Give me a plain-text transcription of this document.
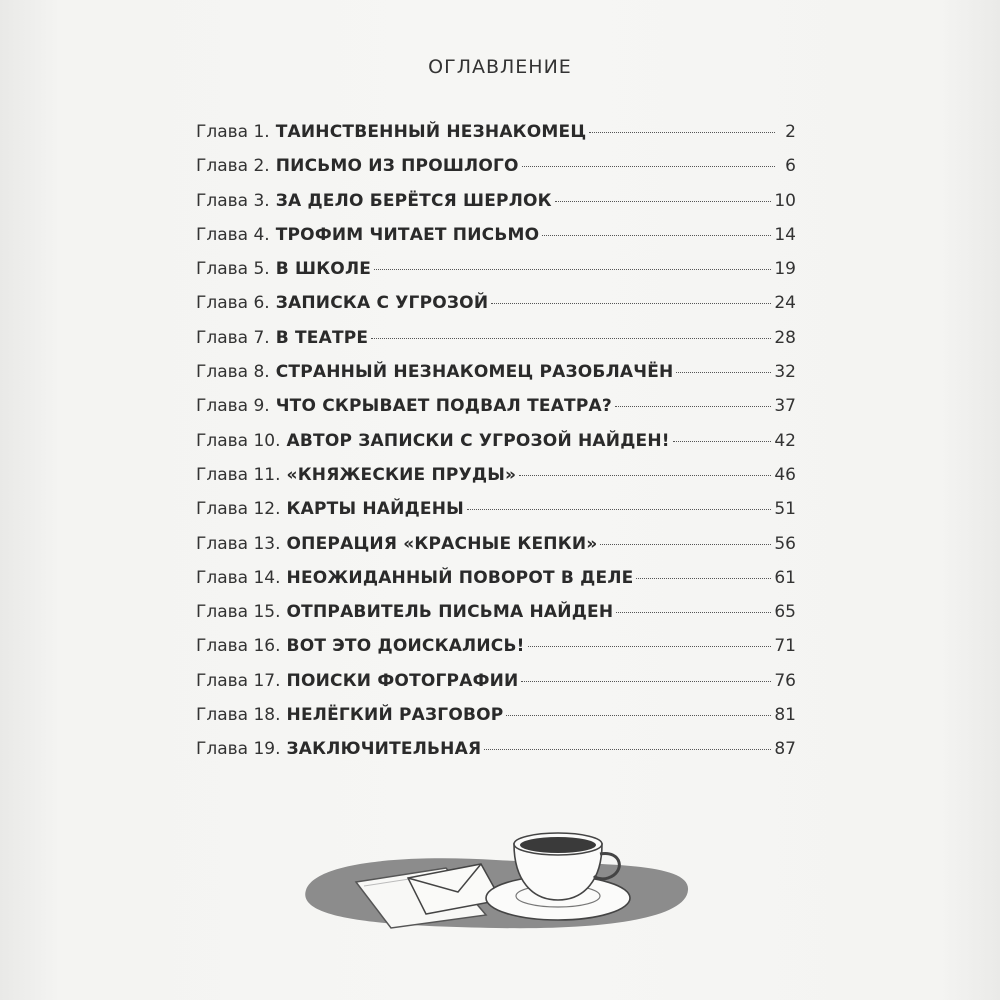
ОГЛАВЛЕНИЕ
Глава 1. ТАИНСТВЕННЫЙ НЕЗНАКОМЕЦ	2
Глава 2. ПИСЬМО ИЗ ПРОШЛОГО	6
Глава 3. ЗА ДЕЛО БЕРЁТСЯ ШЕРЛОК	10
Глава 4. ТРОФИМ ЧИТАЕТ ПИСЬМО	14
Глава 5. В ШКОЛЕ	19
Глава 6. ЗАПИСКА С УГРОЗОЙ	24
Глава 7. В ТЕАТРЕ	28
Глава 8. СТРАННЫЙ НЕЗНАКОМЕЦ РАЗОБЛАЧЁН	32
Глава 9. ЧТО СКРЫВАЕТ ПОДВАЛ ТЕАТРА?	37
Глава 10. АВТОР ЗАПИСКИ С УГРОЗОЙ НАЙДЕН!	42
Глава 11. «КНЯЖЕСКИЕ ПРУДЫ»	46
Глава 12. КАРТЫ НАЙДЕНЫ	51
Глава 13. ОПЕРАЦИЯ «КРАСНЫЕ КЕПКИ»	56
Глава 14. НЕОЖИДАННЫЙ ПОВОРОТ В ДЕЛЕ	61
Глава 15. ОТПРАВИТЕЛЬ ПИСЬМА НАЙДЕН	65
Глава 16. ВОТ ЭТО ДОИСКАЛИСЬ!	71
Глава 17. ПОИСКИ ФОТОГРАФИИ	76
Глава 18. НЕЛЁГКИЙ РАЗГОВОР	81
Глава 19. ЗАКЛЮЧИТЕЛЬНАЯ	87
